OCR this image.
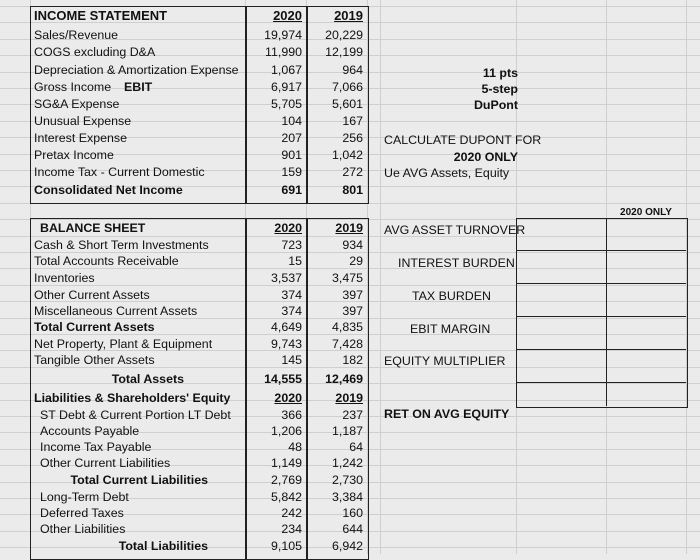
INCOME STATEMENT	2020	2019
Sales/Revenue	19,974	20,229
COGS excluding D&A	11,990	12,199
Depreciation & Amortization Expense	1,067	964
Gross Income EBIT	6,917	7,066
SG&A Expense	5,705	5,601
Unusual Expense	104	167
Interest Expense	207	256
Pretax Income	901	1,042
Income Tax - Current Domestic	159	272
Consolidated Net Income	691	801
BALANCE SHEET	2020	2019
Cash & Short Term Investments	723	934
Total Accounts Receivable	15	29
Inventories	3,537	3,475
Other Current Assets	374	397
Miscellaneous Current Assets	374	397
Total Current Assets	4,649	4,835
Net Property, Plant & Equipment	9,743	7,428
Tangible Other Assets	145	182
Total Assets	14,555	12,469
Liabilities & Shareholders' Equity	2020	2019
ST Debt & Current Portion LT Debt	366	237
Accounts Payable	1,206	1,187
Income Tax Payable	48	64
Other Current Liabilities	1,149	1,242
Total Current Liabilities	2,769	2,730
Long-Term Debt	5,842	3,384
Deferred Taxes	242	160
Other Liabilities	234	644
Total Liabilities	9,105	6,942
11 pts
5-step
DuPont
CALCULATE DUPONT FOR
2020 ONLY
Ue AVG Assets, Equity
2020 ONLY
AVG ASSET TURNOVER
INTEREST BURDEN
TAX BURDEN
EBIT MARGIN
EQUITY MULTIPLIER
RET ON AVG EQUITY
